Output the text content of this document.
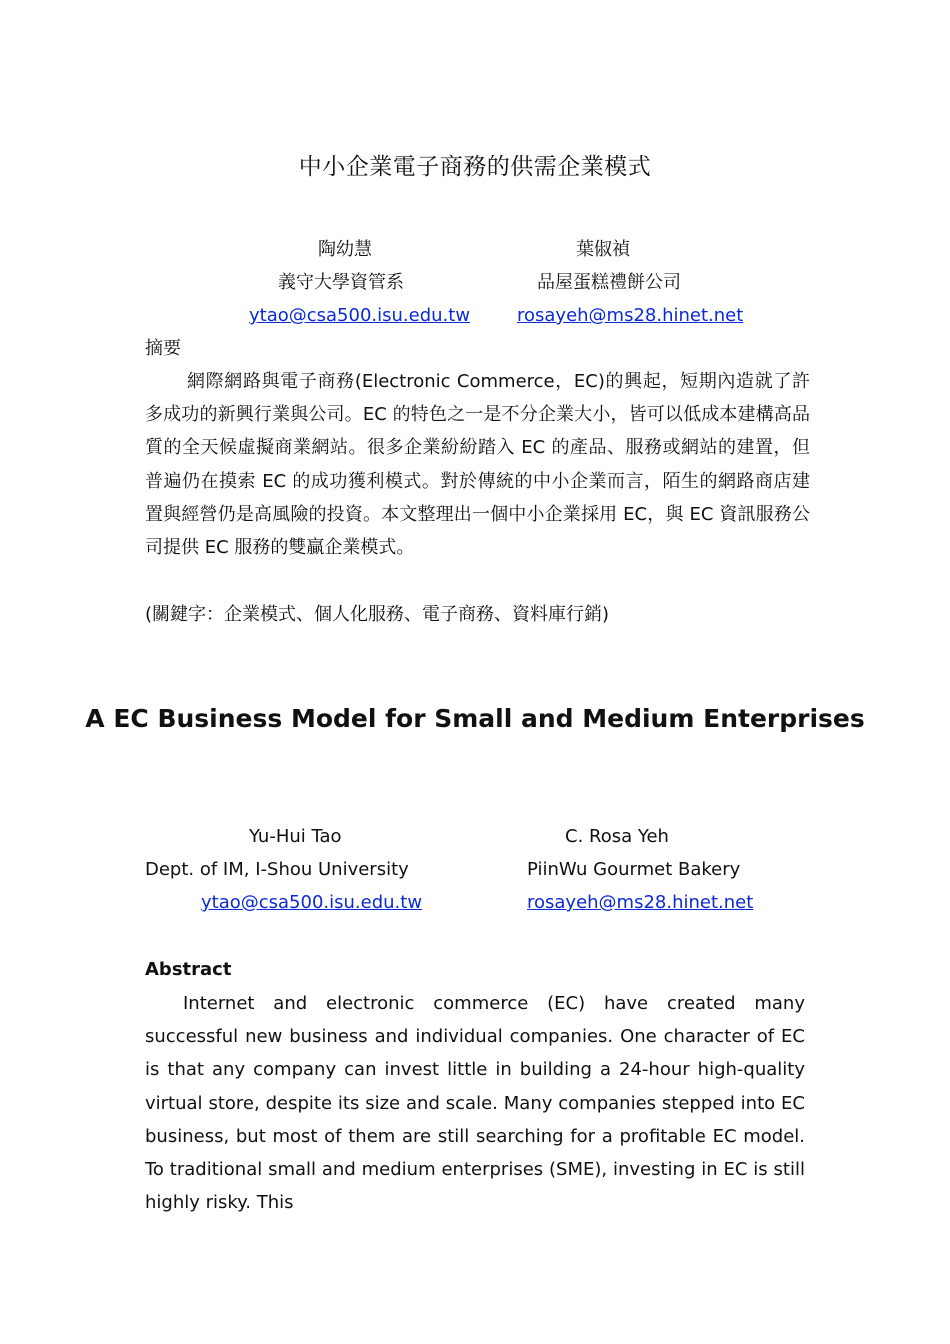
中小企業電子商務的供需企業模式
陶幼慧	葉俶禎
義守大學資管系	品屋蛋糕禮餅公司
ytao@csa500.isu.edu.tw	rosayeh@ms28.hinet.net
摘要

網際網路與電子商務(Electronic Commerce，EC)的興起，短期內造就了許多成功的新興行業與公司。EC 的特色之一是不分企業大小，皆可以低成本建構高品質的全天候虛擬商業網站。很多企業紛紛踏入 EC 的產品、服務或網站的建置，但普遍仍在摸索 EC 的成功獲利模式。對於傳統的中小企業而言，陌生的網路商店建置與經營仍是高風險的投資。本文整理出一個中小企業採用 EC，與 EC 資訊服務公司提供 EC 服務的雙贏企業模式。

(關鍵字：企業模式、個人化服務、電子商務、資料庫行銷)
A EC Business Model for Small and Medium Enterprises
Yu-Hui Tao	C. Rosa Yeh
Dept. of IM, I-Shou University	PiinWu Gourmet Bakery
ytao@csa500.isu.edu.tw	rosayeh@ms28.hinet.net
Abstract

Internet and electronic commerce (EC) have created many successful new business and individual companies. One character of EC is that any company can invest little in building a 24-hour high-quality virtual store, despite its size and scale. Many companies stepped into EC business, but most of them are still searching for a profitable EC model. To traditional small and medium enterprises (SME), investing in EC is still highly risky. This
